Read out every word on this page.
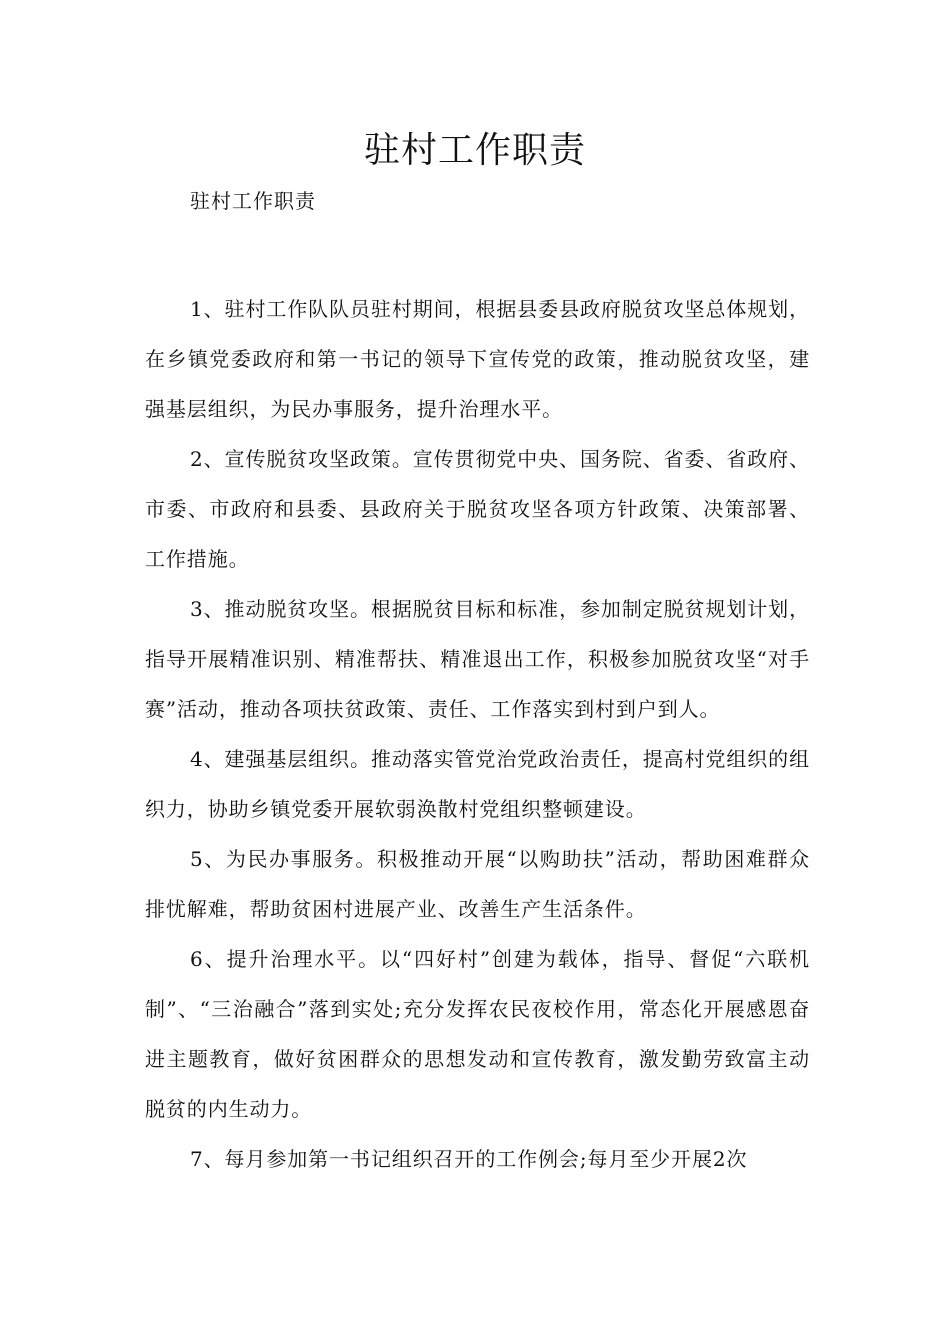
驻村工作职责
驻村工作职责

1、驻村工作队队员驻村期间，根据县委县政府脱贫攻坚总体规划，在乡镇党委政府和第一书记的领导下宣传党的政策，推动脱贫攻坚，建强基层组织，为民办事服务，提升治理水平。

2、宣传脱贫攻坚政策。宣传贯彻党中央、国务院、省委、省政府、市委、市政府和县委、县政府关于脱贫攻坚各项方针政策、决策部署、工作措施。

3、推动脱贫攻坚。根据脱贫目标和标准，参加制定脱贫规划计划，指导开展精准识别、精准帮扶、精准退出工作，积极参加脱贫攻坚“对手赛”活动，推动各项扶贫政策、责任、工作落实到村到户到人。

4、建强基层组织。推动落实管党治党政治责任，提高村党组织的组织力，协助乡镇党委开展软弱涣散村党组织整顿建设。

5、为民办事服务。积极推动开展“以购助扶”活动，帮助困难群众排忧解难，帮助贫困村进展产业、改善生产生活条件。

6、提升治理水平。以“四好村”创建为载体，指导、督促“六联机制”、“三治融合”落到实处;充分发挥农民夜校作用，常态化开展感恩奋进主题教育，做好贫困群众的思想发动和宣传教育，激发勤劳致富主动脱贫的内生动力。

7、每月参加第一书记组织召开的工作例会;每月至少开展2次
